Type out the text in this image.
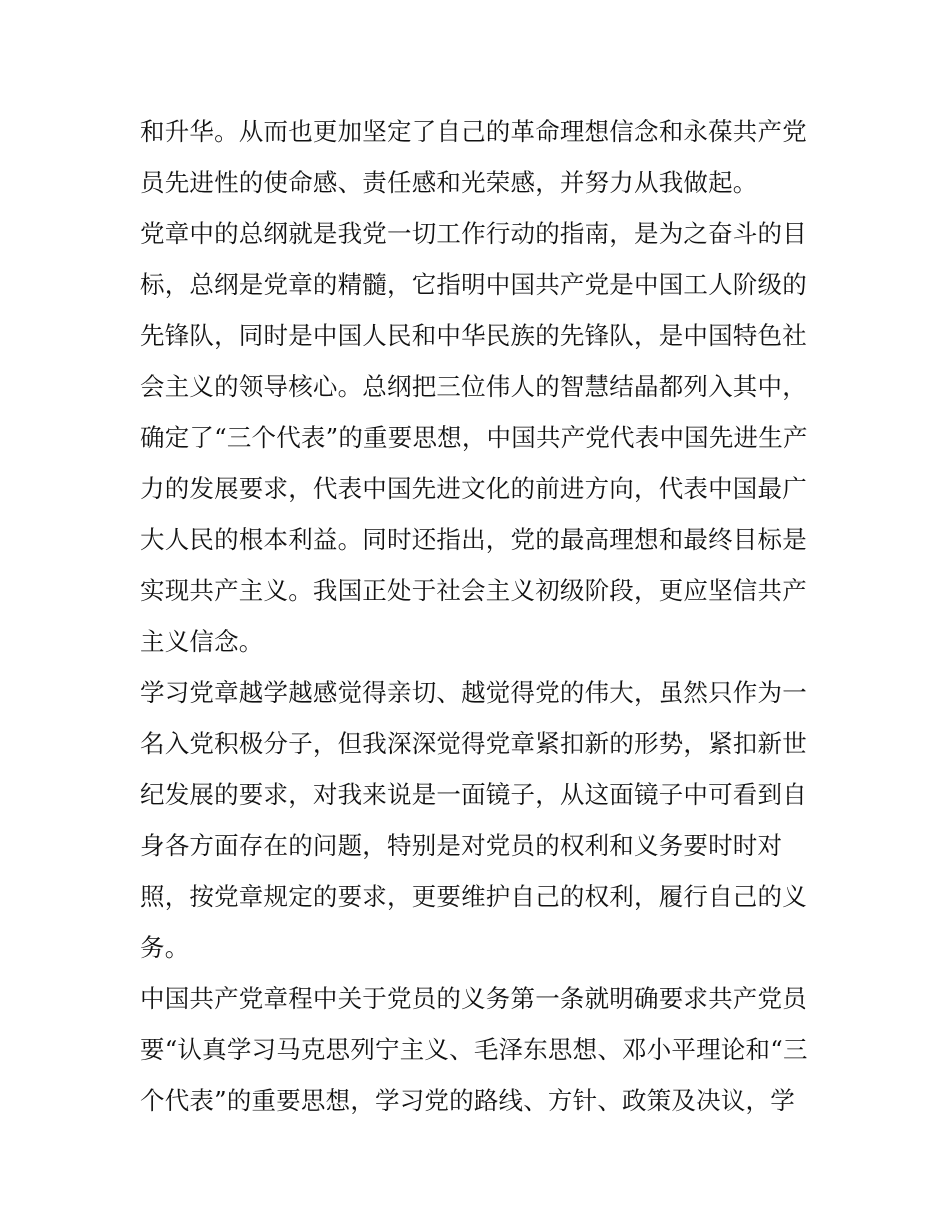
和升华。从而也更加坚定了自己的革命理想信念和永葆共产党
员先进性的使命感、责任感和光荣感，并努力从我做起。
党章中的总纲就是我党一切工作行动的指南，是为之奋斗的目
标，总纲是党章的精髓，它指明中国共产党是中国工人阶级的
先锋队，同时是中国人民和中华民族的先锋队，是中国特色社
会主义的领导核心。总纲把三位伟人的智慧结晶都列入其中，
确定了“三个代表”的重要思想，中国共产党代表中国先进生产
力的发展要求，代表中国先进文化的前进方向，代表中国最广
大人民的根本利益。同时还指出，党的最高理想和最终目标是
实现共产主义。我国正处于社会主义初级阶段，更应坚信共产
主义信念。
学习党章越学越感觉得亲切、越觉得党的伟大，虽然只作为一
名入党积极分子，但我深深觉得党章紧扣新的形势，紧扣新世
纪发展的要求，对我来说是一面镜子，从这面镜子中可看到自
身各方面存在的问题，特别是对党员的权利和义务要时时对
照，按党章规定的要求，更要维护自己的权利，履行自己的义
务。
中国共产党章程中关于党员的义务第一条就明确要求共产党员
要“认真学习马克思列宁主义、毛泽东思想、邓小平理论和“三
个代表”的重要思想，学习党的路线、方针、政策及决议，学
